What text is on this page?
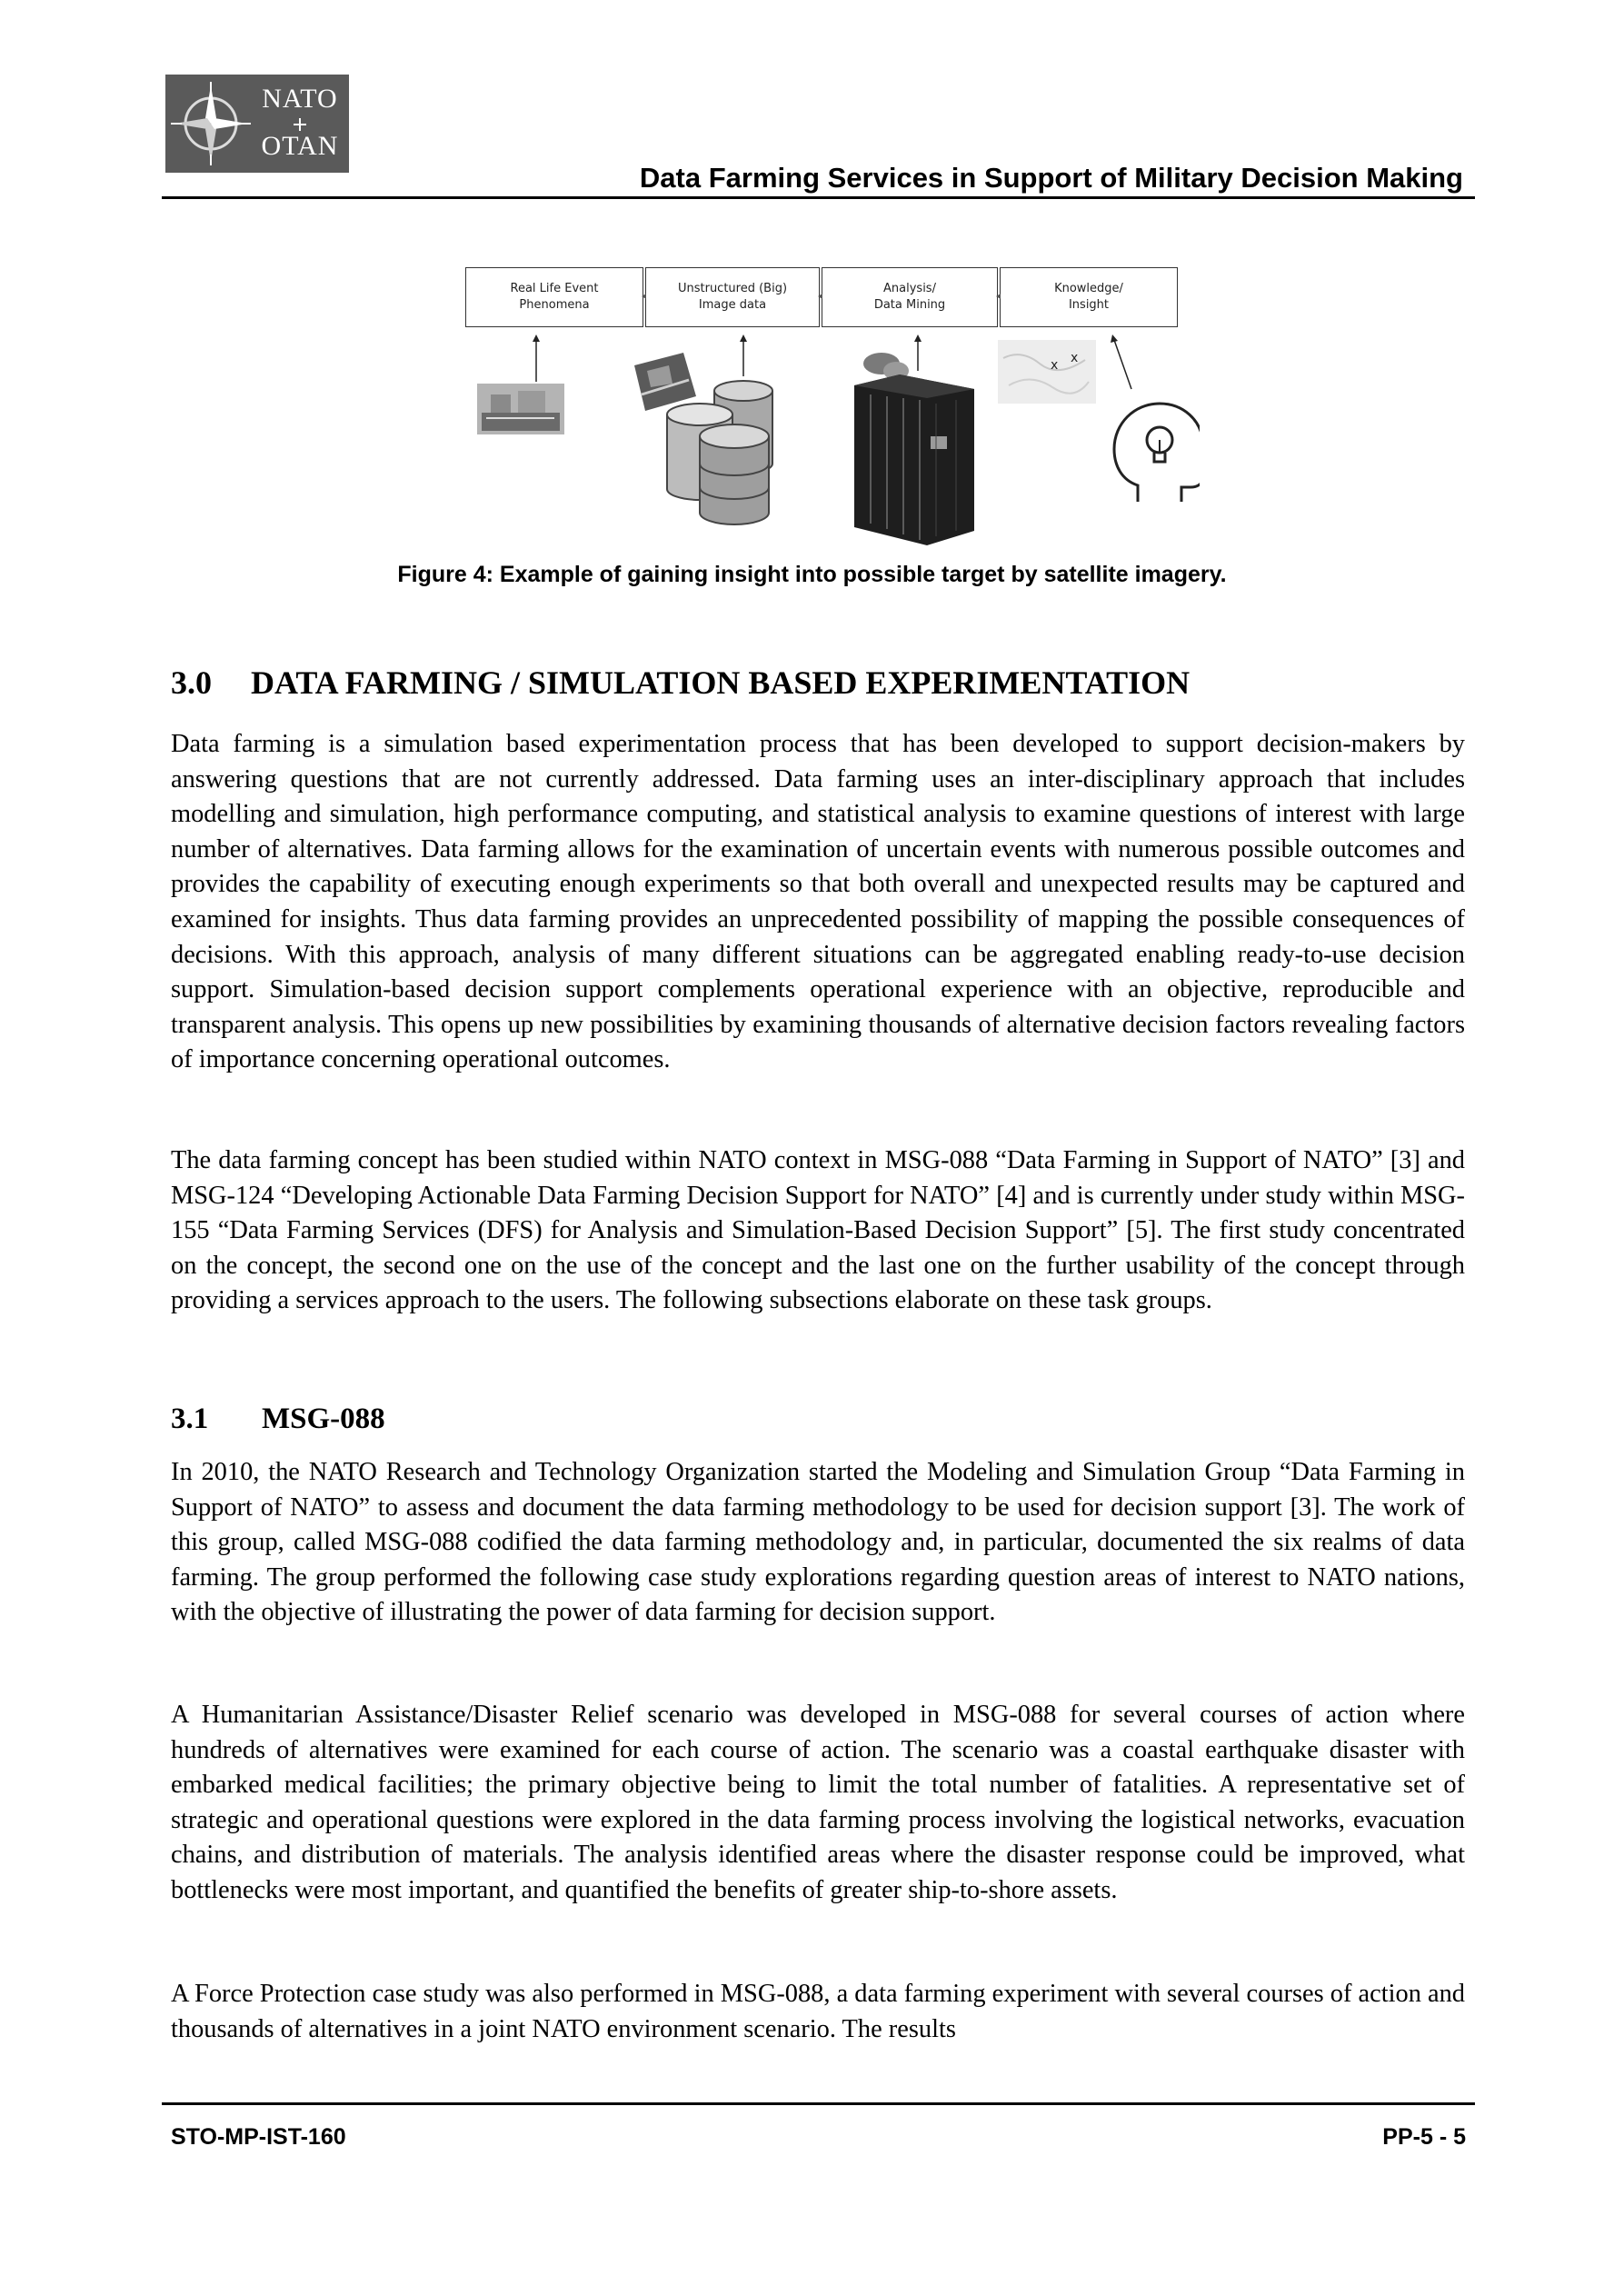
NATO
OTAN
Data Farming Services in Support of Military Decision Making
Real Life Event
Phenomena
Unstructured (Big)
Image data
Analysis/
Data Mining
Knowledge/
Insight
x x
Figure 4: Example of gaining insight into possible target by satellite imagery.
3.0 DATA FARMING / SIMULATION BASED EXPERIMENTATION

Data farming is a simulation based experimentation process that has been developed to support decision-makers by answering questions that are not currently addressed. Data farming uses an inter-disciplinary approach that includes modelling and simulation, high performance computing, and statistical analysis to examine questions of interest with large number of alternatives. Data farming allows for the examination of uncertain events with numerous possible outcomes and provides the capability of executing enough experiments so that both overall and unexpected results may be captured and examined for insights. Thus data farming provides an unprecedented possibility of mapping the possible consequences of decisions. With this approach, analysis of many different situations can be aggregated enabling ready-to-use decision support. Simulation-based decision support complements operational experience with an objective, reproducible and transparent analysis. This opens up new possibilities by examining thousands of alternative decision factors revealing factors of importance concerning operational outcomes.

The data farming concept has been studied within NATO context in MSG-088 “Data Farming in Support of NATO” [3] and MSG-124 “Developing Actionable Data Farming Decision Support for NATO” [4] and is currently under study within MSG-155 “Data Farming Services (DFS) for Analysis and Simulation-Based Decision Support” [5]. The first study concentrated on the concept, the second one on the use of the concept and the last one on the further usability of the concept through providing a services approach to the users. The following subsections elaborate on these task groups.

3.1 MSG-088

In 2010, the NATO Research and Technology Organization started the Modeling and Simulation Group “Data Farming in Support of NATO” to assess and document the data farming methodology to be used for decision support [3]. The work of this group, called MSG-088 codified the data farming methodology and, in particular, documented the six realms of data farming. The group performed the following case study explorations regarding question areas of interest to NATO nations, with the objective of illustrating the power of data farming for decision support.

A Humanitarian Assistance/Disaster Relief scenario was developed in MSG-088 for several courses of action where hundreds of alternatives were examined for each course of action. The scenario was a coastal earthquake disaster with embarked medical facilities; the primary objective being to limit the total number of fatalities. A representative set of strategic and operational questions were explored in the data farming process involving the logistical networks, evacuation chains, and distribution of materials. The analysis identified areas where the disaster response could be improved, what bottlenecks were most important, and quantified the benefits of greater ship-to-shore assets.

A Force Protection case study was also performed in MSG-088, a data farming experiment with several courses of action and thousands of alternatives in a joint NATO environment scenario. The results

STO-MP-IST-160	PP-5 - 5
